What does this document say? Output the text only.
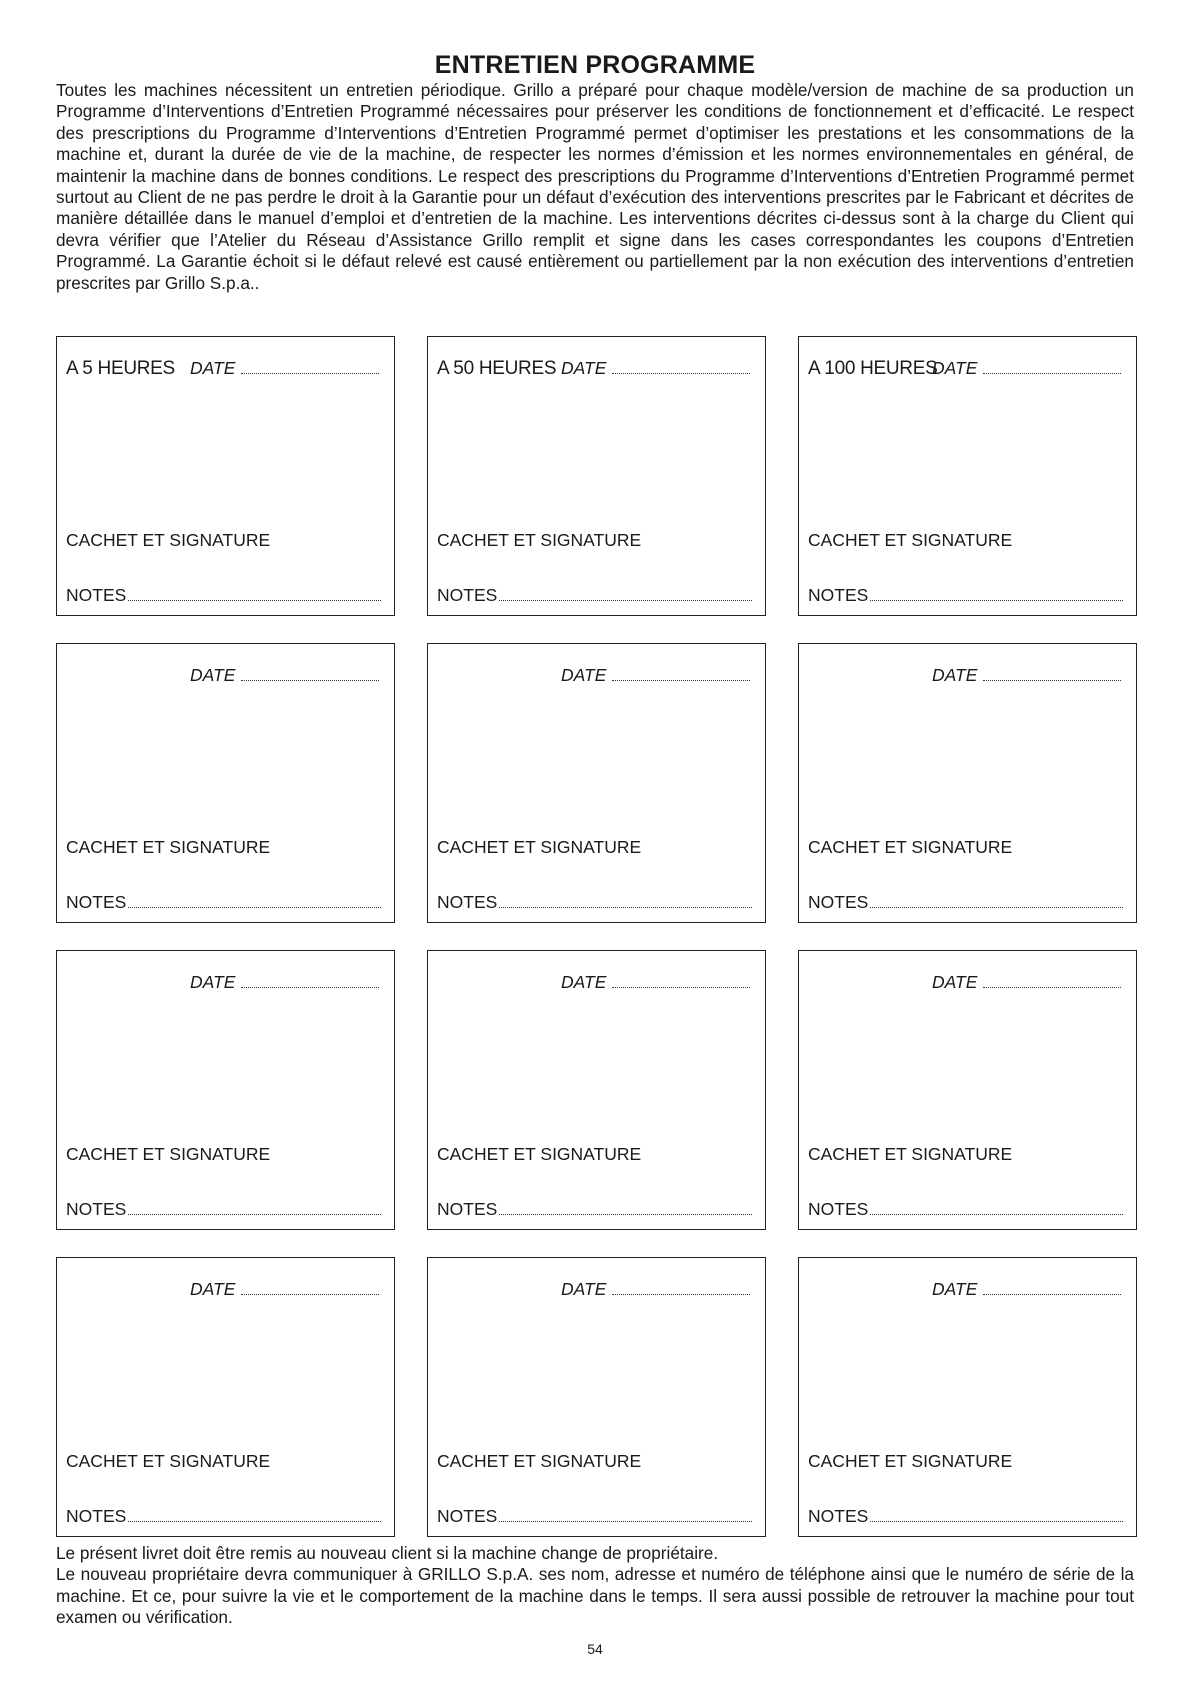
ENTRETIEN PROGRAMME
Toutes les machines nécessitent un entretien périodique. Grillo a préparé pour chaque modèle/version de machine de sa production un Programme d’Interventions d’Entretien Programmé nécessaires pour préserver les conditions de fonctionnement et d’efficacité. Le respect des prescriptions du Programme d’Interventions d’Entretien Programmé permet d’optimiser les prestations et les consommations de la machine et, durant la durée de vie de la machine, de respecter les normes d’émission et les normes environnementales en général, de maintenir la machine dans de bonnes conditions. Le respect des prescriptions du Programme d’Interventions d’Entretien Programmé permet surtout au Client de ne pas perdre le droit à la Garantie pour un défaut d’exécution des interventions prescrites par le Fabricant et décrites de manière détaillée dans le manuel d’emploi et d’entretien de la machine. Les interventions décrites ci-dessus sont à la charge du Client qui devra vérifier que l’Atelier du Réseau d’Assistance Grillo remplit et signe dans les cases correspondantes les coupons d’Entretien Programmé. La Garantie échoit si le défaut relevé est causé entièrement ou partiellement par la non exécution des interventions d’entretien prescrites par Grillo S.p.a..
A 5 HEURES DATE
CACHET ET SIGNATURE
NOTES
A 50 HEURES DATE
CACHET ET SIGNATURE
NOTES
A 100 HEURESDATE
CACHET ET SIGNATURE
NOTES
DATE
CACHET ET SIGNATURE
NOTES
DATE
CACHET ET SIGNATURE
NOTES
DATE
CACHET ET SIGNATURE
NOTES
DATE
CACHET ET SIGNATURE
NOTES
DATE
CACHET ET SIGNATURE
NOTES
DATE
CACHET ET SIGNATURE
NOTES
DATE
CACHET ET SIGNATURE
NOTES
DATE
CACHET ET SIGNATURE
NOTES
DATE
CACHET ET SIGNATURE
NOTES

Le présent livret doit être remis au nouveau client si la machine change de propriétaire.

Le nouveau propriétaire devra communiquer à GRILLO S.p.A. ses nom, adresse et numéro de téléphone ainsi que le numéro de série de la machine. Et ce, pour suivre la vie et le comportement de la machine dans le temps. Il sera aussi possible de retrouver la machine pour tout examen ou vérification.

54
